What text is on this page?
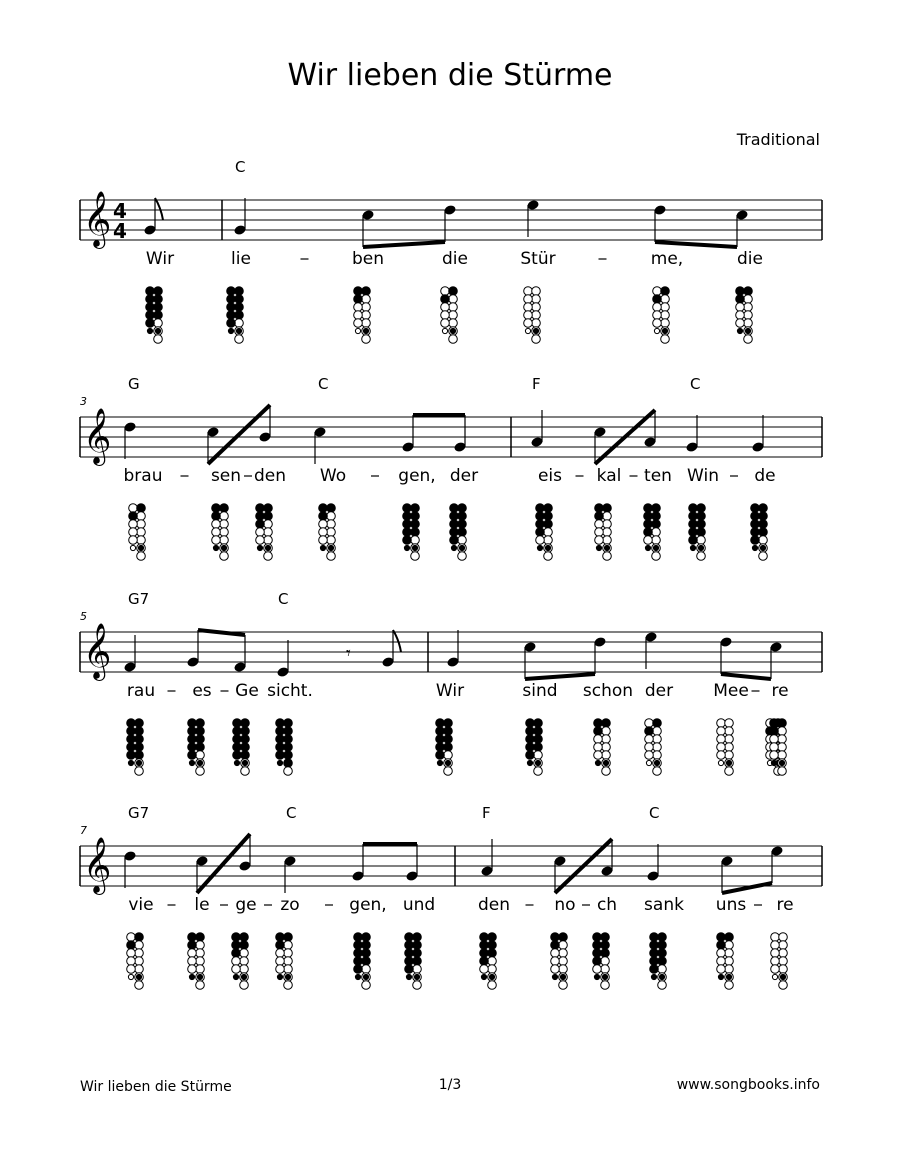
Wir lieben die Stürme
Traditional
𝄞 4
4
Wir
C
lie	ben	die	Stür	me,	die
𝄞
3
G
brau	sen den
C
Wo	gen, der
F
eis kal ten
C
Win de
𝄞
5
G7
rau es Ge
C
sicht.
𝄾
Wir	sind schon der Mee re
𝄞
7
G7
vie le ge
C
zo	gen, und
F
den	no ch
C
sank uns re
Wir lieben die Stürme	1/3	www.songbooks.info
